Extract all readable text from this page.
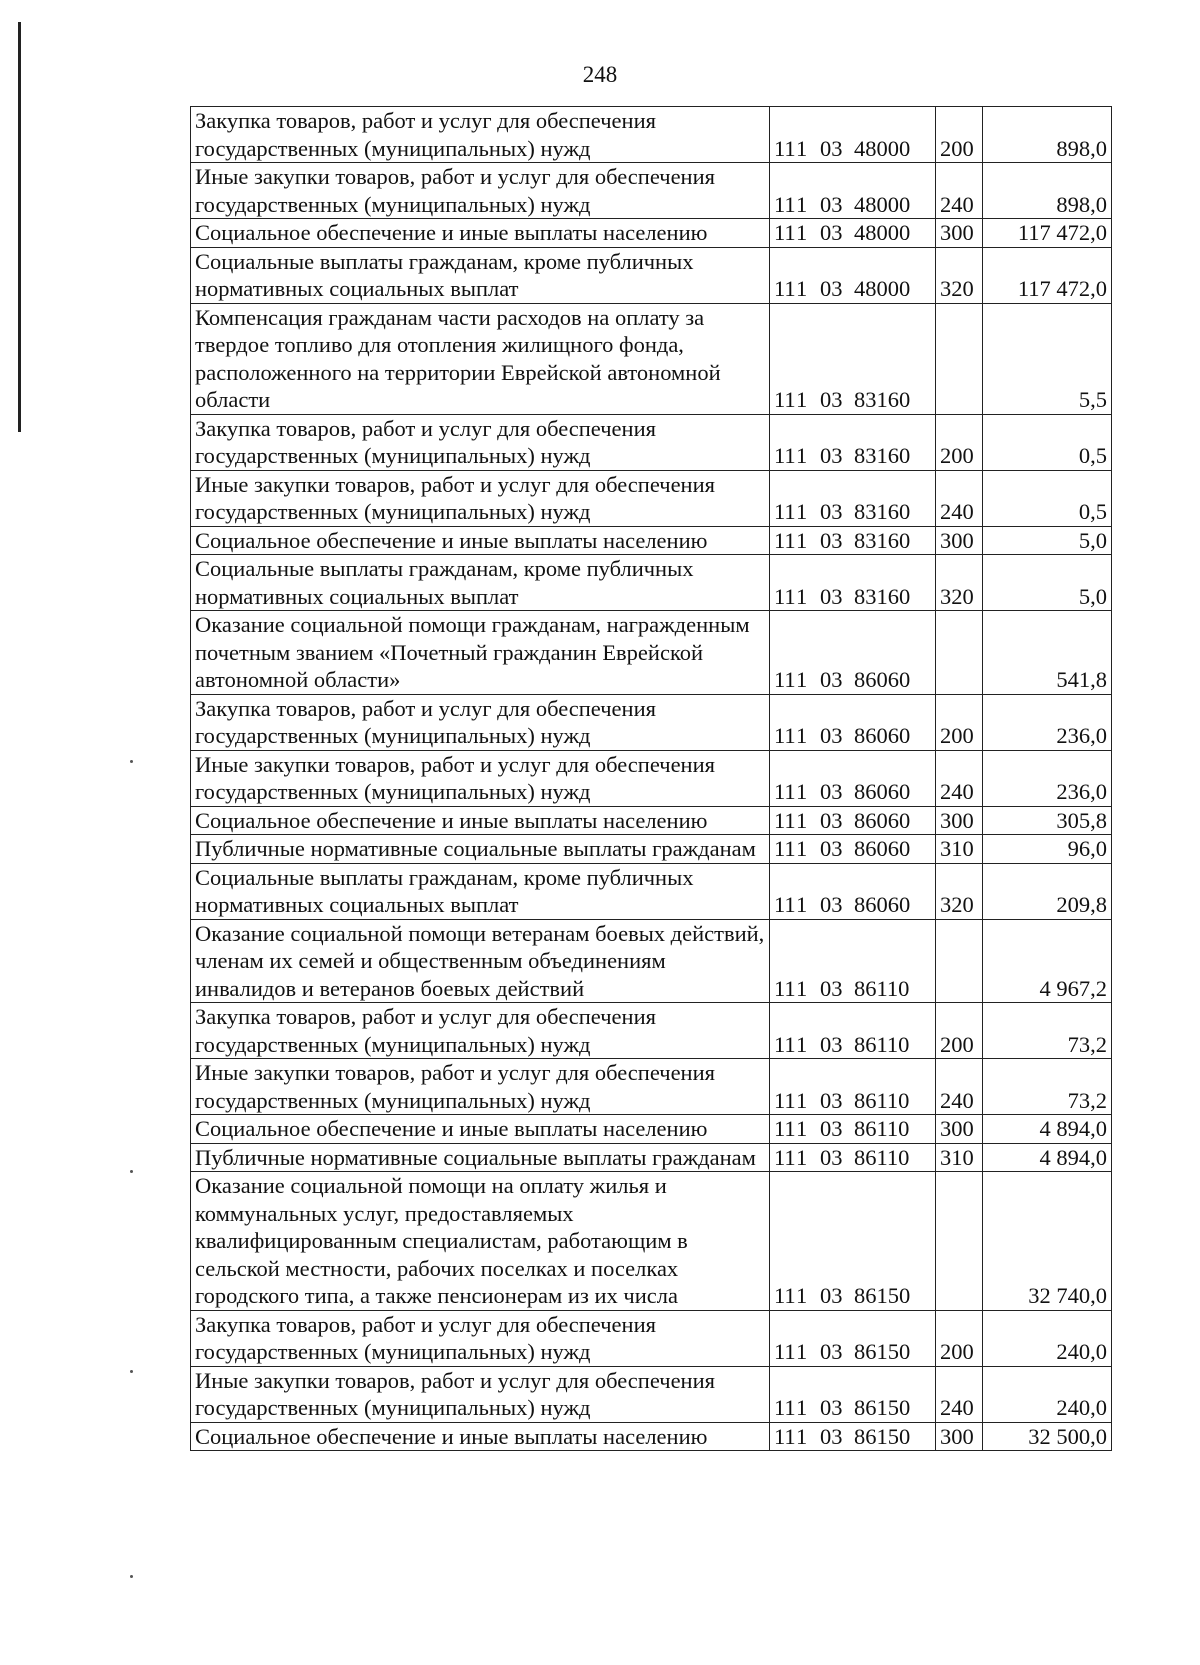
248
Закупка товаров, работ и услуг для обеспечения государственных (муниципальных) нужд	111 03 48000	200	898,0
Иные закупки товаров, работ и услуг для обеспечения государственных (муниципальных) нужд	111 03 48000	240	898,0
Социальное обеспечение и иные выплаты населению	111 03 48000	300	117 472,0
Социальные выплаты гражданам, кроме публичных нормативных социальных выплат	111 03 48000	320	117 472,0
Компенсация гражданам части расходов на оплату за твердое топливо для отопления жилищного фонда, расположенного на территории Еврейской автономной области	111 03 83160		5,5
Закупка товаров, работ и услуг для обеспечения государственных (муниципальных) нужд	111 03 83160	200	0,5
Иные закупки товаров, работ и услуг для обеспечения государственных (муниципальных) нужд	111 03 83160	240	0,5
Социальное обеспечение и иные выплаты населению	111 03 83160	300	5,0
Социальные выплаты гражданам, кроме публичных нормативных социальных выплат	111 03 83160	320	5,0
Оказание социальной помощи гражданам, награжденным почетным званием «Почетный гражданин Еврейской автономной области»	111 03 86060		541,8
Закупка товаров, работ и услуг для обеспечения государственных (муниципальных) нужд	111 03 86060	200	236,0
Иные закупки товаров, работ и услуг для обеспечения государственных (муниципальных) нужд	111 03 86060	240	236,0
Социальное обеспечение и иные выплаты населению	111 03 86060	300	305,8
Публичные нормативные социальные выплаты гражданам	111 03 86060	310	96,0
Социальные выплаты гражданам, кроме публичных нормативных социальных выплат	111 03 86060	320	209,8
Оказание социальной помощи ветеранам боевых действий, членам их семей и общественным объединениям инвалидов и ветеранов боевых действий	111 03 86110		4 967,2
Закупка товаров, работ и услуг для обеспечения государственных (муниципальных) нужд	111 03 86110	200	73,2
Иные закупки товаров, работ и услуг для обеспечения государственных (муниципальных) нужд	111 03 86110	240	73,2
Социальное обеспечение и иные выплаты населению	111 03 86110	300	4 894,0
Публичные нормативные социальные выплаты гражданам	111 03 86110	310	4 894,0
Оказание социальной помощи на оплату жилья и коммунальных услуг, предоставляемых квалифицированным специалистам, работающим в сельской местности, рабочих поселках и поселках городского типа, а также пенсионерам из их числа	111 03 86150		32 740,0
Закупка товаров, работ и услуг для обеспечения государственных (муниципальных) нужд	111 03 86150	200	240,0
Иные закупки товаров, работ и услуг для обеспечения государственных (муниципальных) нужд	111 03 86150	240	240,0
Социальное обеспечение и иные выплаты населению	111 03 86150	300	32 500,0
